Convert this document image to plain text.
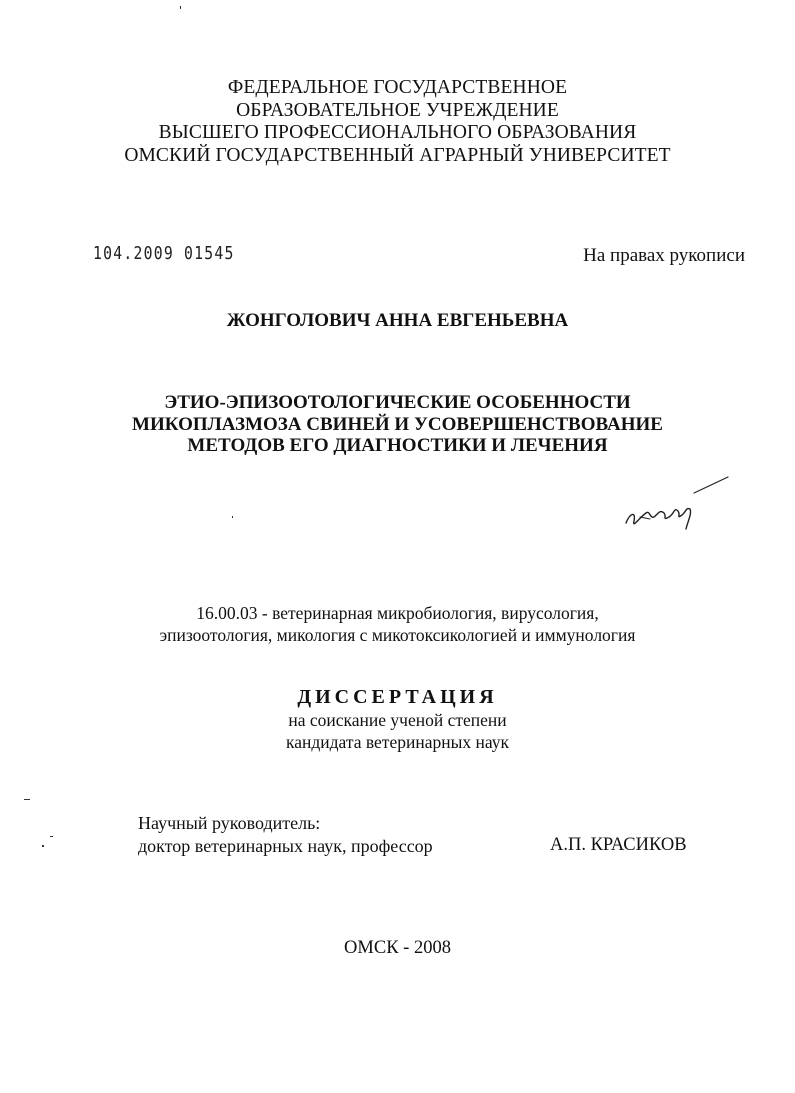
ФЕДЕРАЛЬНОЕ ГОСУДАРСТВЕННОЕ
ОБРАЗОВАТЕЛЬНОЕ УЧРЕЖДЕНИЕ
ВЫСШЕГО ПРОФЕССИОНАЛЬНОГО ОБРАЗОВАНИЯ
ОМСКИЙ ГОСУДАРСТВЕННЫЙ АГРАРНЫЙ УНИВЕРСИТЕТ
104.2009 01545	На правах рукописи
ЖОНГОЛОВИЧ АННА ЕВГЕНЬЕВНА
ЭТИО-ЭПИЗООТОЛОГИЧЕСКИЕ ОСОБЕННОСТИ
МИКОПЛАЗМОЗА СВИНЕЙ И УСОВЕРШЕНСТВОВАНИЕ
МЕТОДОВ ЕГО ДИАГНОСТИКИ И ЛЕЧЕНИЯ
16.00.03 - ветеринарная микробиология, вирусология,
эпизоотология, микология с микотоксикологией и иммунология
ДИССЕРТАЦИЯ
на соискание ученой степени
кандидата ветеринарных наук
Научный руководитель:
доктор ветеринарных наук, профессор	А.П. КРАСИКОВ
ОМСК - 2008
